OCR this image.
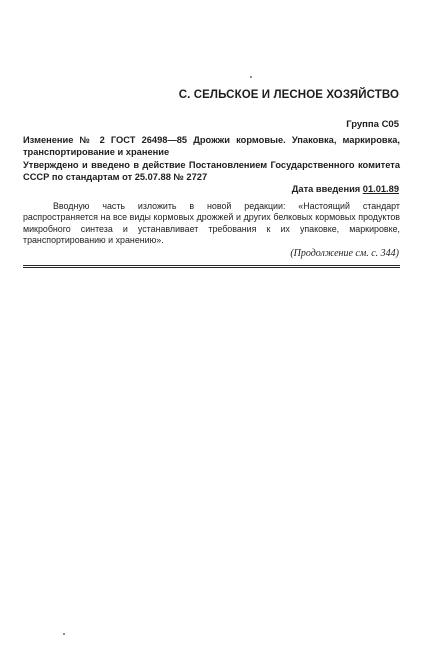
С. СЕЛЬСКОЕ И ЛЕСНОЕ ХОЗЯЙСТВО
Группа С05
Изменение № 2 ГОСТ 26498—85 Дрожжи кормовые. Упаковка, маркировка, транспортирование и хранение
Утверждено и введено в действие Постановлением Государственного комитета СССР по стандартам от 25.07.88 № 2727
Дата введения 01.01.89

Вводную часть изложить в новой редакции: «Настоящий стандарт распространяется на все виды кормовых дрожжей и других белковых кормовых продуктов микробного синтеза и устанавливает требования к их упаковке, маркировке, транспортированию и хранению».

(Продолжение см. с. 344)
